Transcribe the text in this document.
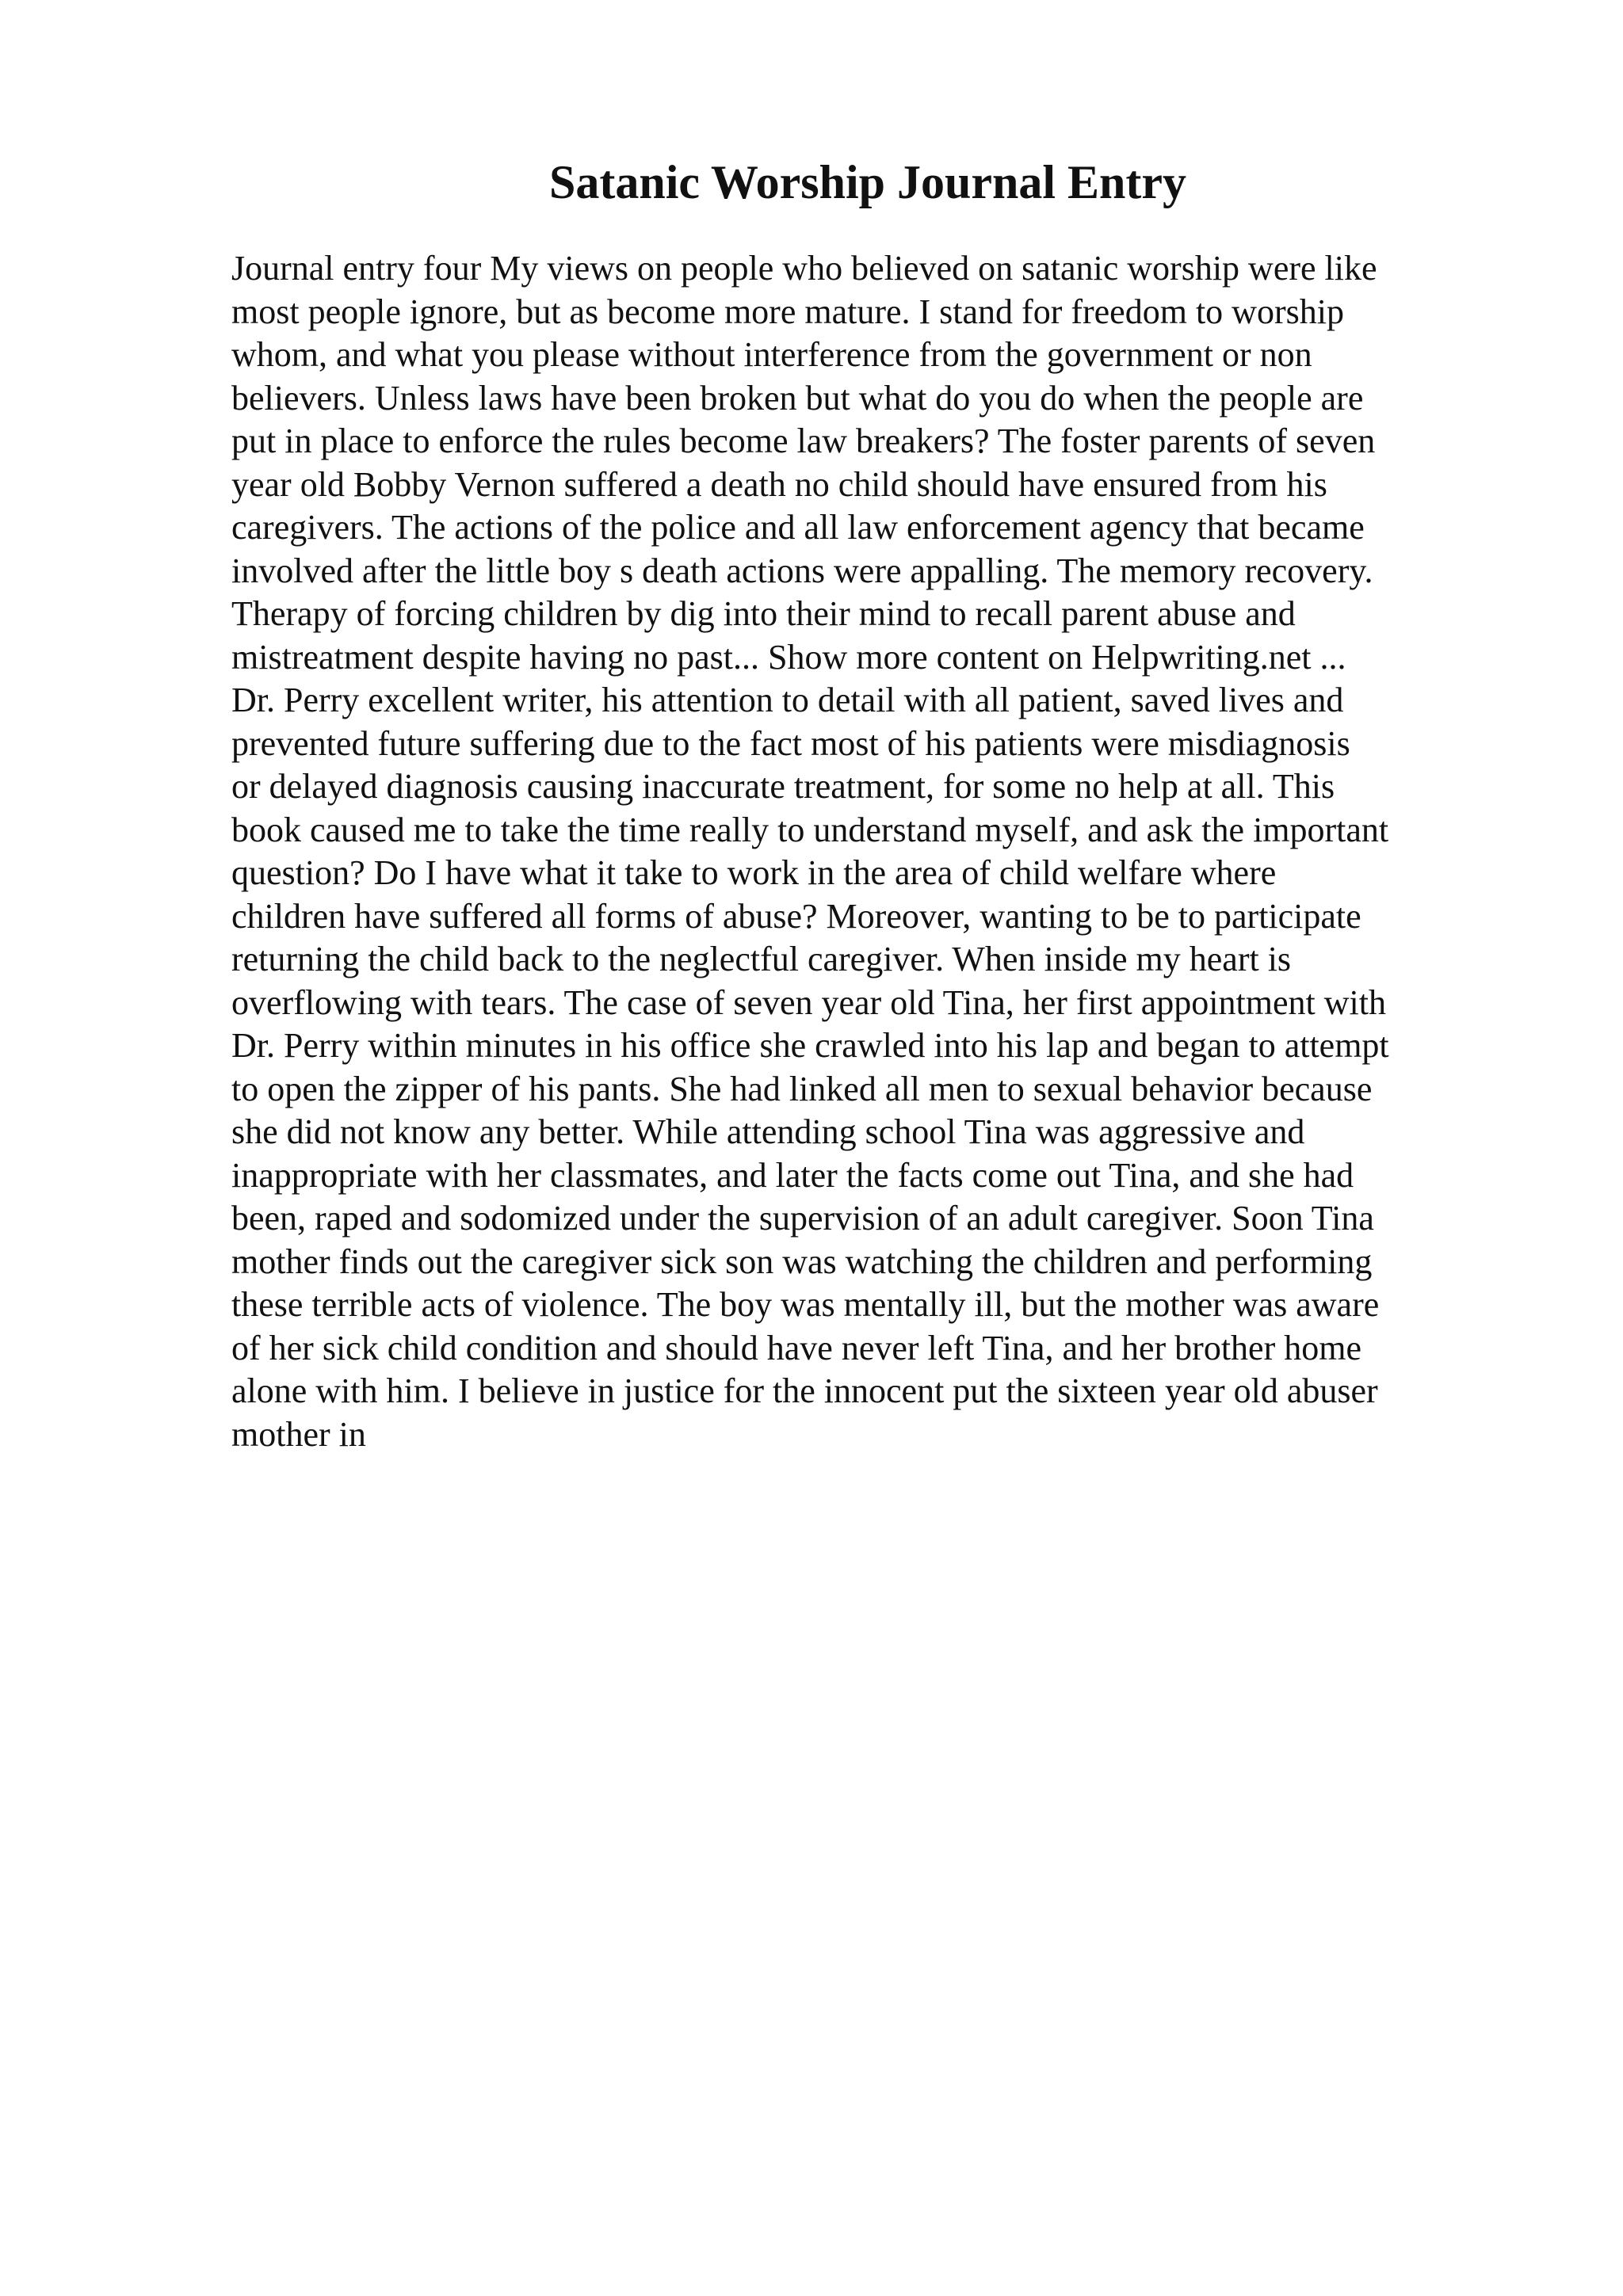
Satanic Worship Journal Entry
Journal entry four My views on people who believed on satanic worship were like
most people ignore, but as become more mature. I stand for freedom to worship
whom, and what you please without interference from the government or non
believers. Unless laws have been broken but what do you do when the people are
put in place to enforce the rules become law breakers? The foster parents of seven
year old Bobby Vernon suffered a death no child should have ensured from his
caregivers. The actions of the police and all law enforcement agency that became
involved after the little boy s death actions were appalling. The memory recovery.
Therapy of forcing children by dig into their mind to recall parent abuse and
mistreatment despite having no past... Show more content on Helpwriting.net ...
Dr. Perry excellent writer, his attention to detail with all patient, saved lives and
prevented future suffering due to the fact most of his patients were misdiagnosis
or delayed diagnosis causing inaccurate treatment, for some no help at all. This
book caused me to take the time really to understand myself, and ask the important
question? Do I have what it take to work in the area of child welfare where
children have suffered all forms of abuse? Moreover, wanting to be to participate
returning the child back to the neglectful caregiver. When inside my heart is
overflowing with tears. The case of seven year old Tina, her first appointment with
Dr. Perry within minutes in his office she crawled into his lap and began to attempt
to open the zipper of his pants. She had linked all men to sexual behavior because
she did not know any better. While attending school Tina was aggressive and
inappropriate with her classmates, and later the facts come out Tina, and she had
been, raped and sodomized under the supervision of an adult caregiver. Soon Tina
mother finds out the caregiver sick son was watching the children and performing
these terrible acts of violence. The boy was mentally ill, but the mother was aware
of her sick child condition and should have never left Tina, and her brother home
alone with him. I believe in justice for the innocent put the sixteen year old abuser
mother in
